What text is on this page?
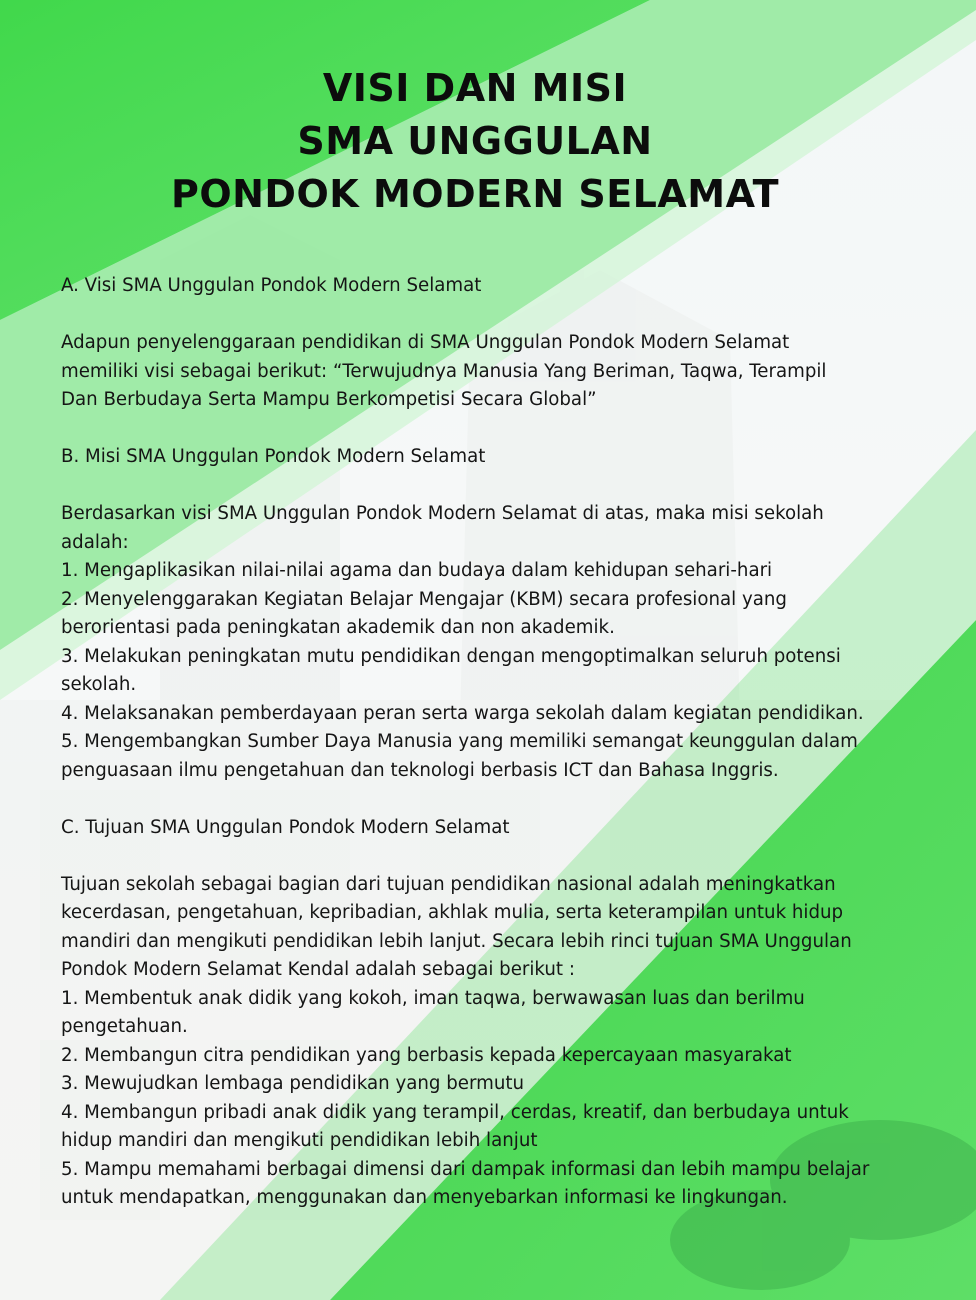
VISI DAN MISI
SMA UNGGULAN
PONDOK MODERN SELAMAT
A. Visi SMA Unggulan Pondok Modern Selamat
Adapun penyelenggaraan pendidikan di SMA Unggulan Pondok Modern Selamat
memiliki visi sebagai berikut: “Terwujudnya Manusia Yang Beriman, Taqwa, Terampil
Dan Berbudaya Serta Mampu Berkompetisi Secara Global”
B. Misi SMA Unggulan Pondok Modern Selamat
Berdasarkan visi SMA Unggulan Pondok Modern Selamat di atas, maka misi sekolah
adalah:
1. Mengaplikasikan nilai-nilai agama dan budaya dalam kehidupan sehari-hari
2. Menyelenggarakan Kegiatan Belajar Mengajar (KBM) secara profesional yang
berorientasi pada peningkatan akademik dan non akademik.
3. Melakukan peningkatan mutu pendidikan dengan mengoptimalkan seluruh potensi
sekolah.
4. Melaksanakan pemberdayaan peran serta warga sekolah dalam kegiatan pendidikan.
5. Mengembangkan Sumber Daya Manusia yang memiliki semangat keunggulan dalam
penguasaan ilmu pengetahuan dan teknologi berbasis ICT dan Bahasa Inggris.
C. Tujuan SMA Unggulan Pondok Modern Selamat
Tujuan sekolah sebagai bagian dari tujuan pendidikan nasional adalah meningkatkan
kecerdasan, pengetahuan, kepribadian, akhlak mulia, serta keterampilan untuk hidup
mandiri dan mengikuti pendidikan lebih lanjut. Secara lebih rinci tujuan SMA Unggulan
Pondok Modern Selamat Kendal adalah sebagai berikut :
1. Membentuk anak didik yang kokoh, iman taqwa, berwawasan luas dan berilmu
pengetahuan.
2. Membangun citra pendidikan yang berbasis kepada kepercayaan masyarakat
3. Mewujudkan lembaga pendidikan yang bermutu
4. Membangun pribadi anak didik yang terampil, cerdas, kreatif, dan berbudaya untuk
hidup mandiri dan mengikuti pendidikan lebih lanjut
5. Mampu memahami berbagai dimensi dari dampak informasi dan lebih mampu belajar
untuk mendapatkan, menggunakan dan menyebarkan informasi ke lingkungan.
